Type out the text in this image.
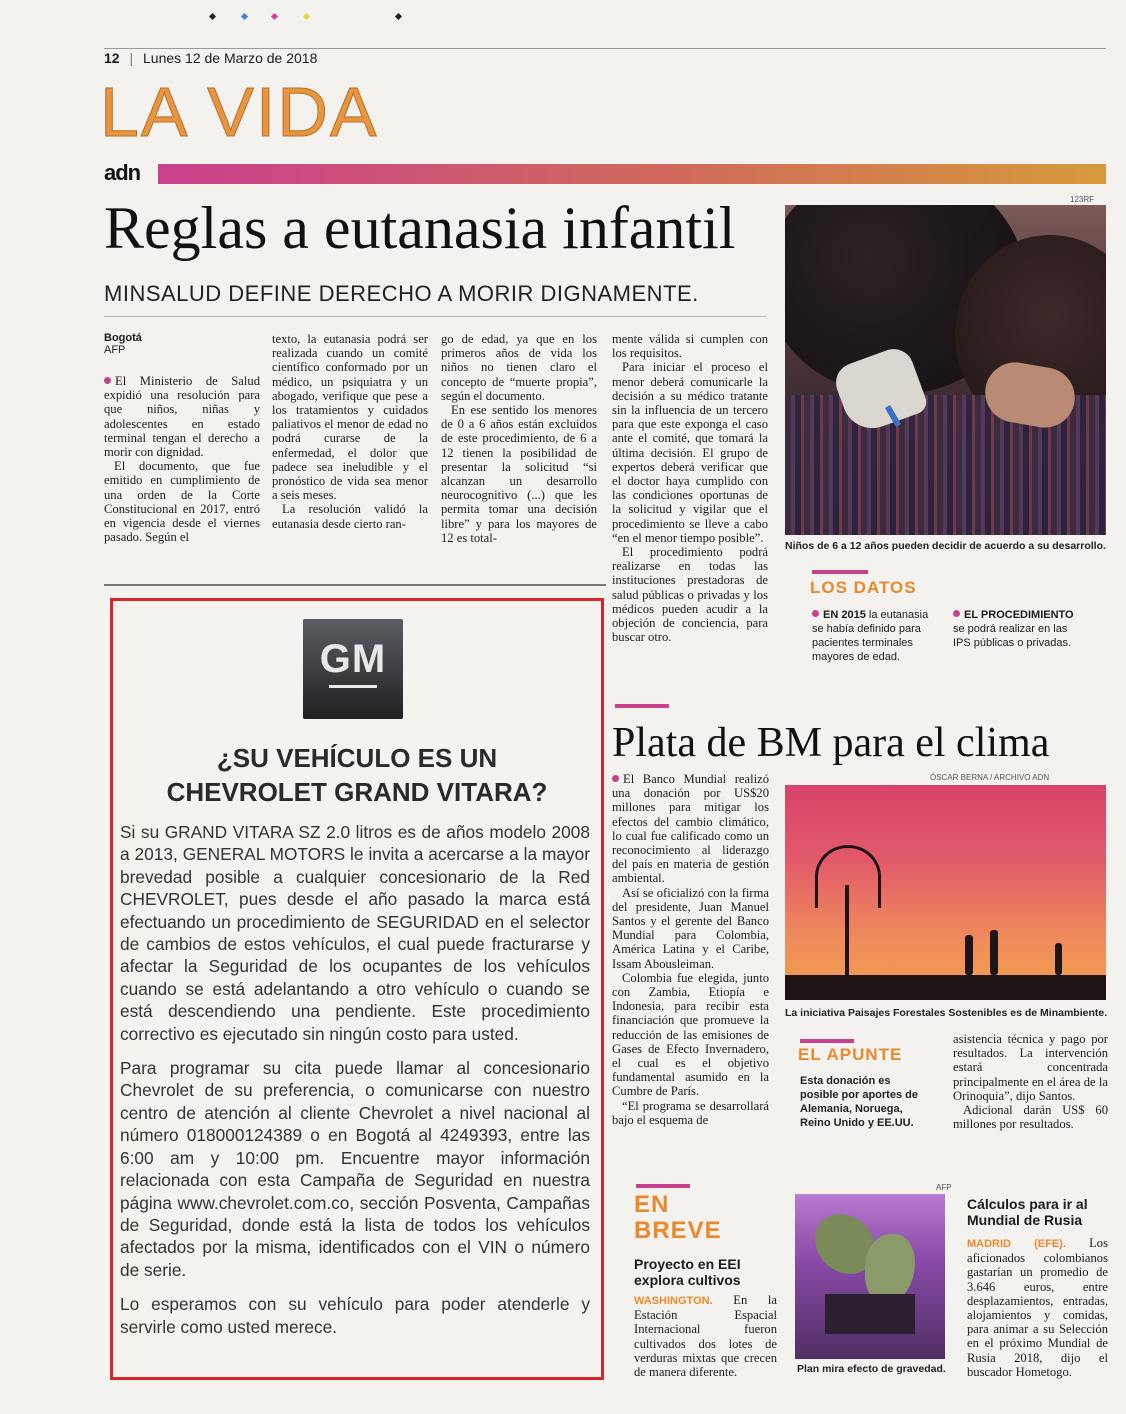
12 | Lunes 12 de Marzo de 2018
LA VIDA
adn
Reglas a eutanasia infantil
MINSALUD DEFINE DERECHO A MORIR DIGNAMENTE.
Bogotá
AFP

El Ministerio de Salud expidió una resolución para que niños, niñas y adolescentes en estado terminal tengan el derecho a morir con dignidad.

El documento, que fue emitido en cumplimiento de una orden de la Corte Constitucional en 2017, entró en vigencia desde el viernes pasado. Según el

texto, la eutanasia podrá ser realizada cuando un comité científico conformado por un médico, un psiquiatra y un abogado, verifique que pese a los tratamientos y cuidados paliativos el menor de edad no podrá curarse de la enfermedad, el dolor que padece sea ineludible y el pronóstico de vida sea menor a seis meses.

La resolución validó la eutanasia desde cierto ran-

go de edad, ya que en los primeros años de vida los niños no tienen claro el concepto de “muerte propia”, según el documento.

En ese sentido los menores de 0 a 6 años están excluidos de este procedimiento, de 6 a 12 tienen la posibilidad de presentar la solicitud “si alcanzan un desarrollo neurocognitivo (...) que les permita tomar una decisión libre” y para los mayores de 12 es total-

mente válida si cumplen con los requisitos.

Para iniciar el proceso el menor deberá comunicarle la decisión a su médico tratante sin la influencia de un tercero para que este exponga el caso ante el comité, que tomará la última decisión. El grupo de expertos deberá verificar que el doctor haya cumplido con las condiciones oportunas de la solicitud y vigilar que el procedimiento se lleve a cabo “en el menor tiempo posible”.

El procedimiento podrá realizarse en todas las instituciones prestadoras de salud públicas o privadas y los médicos pueden acudir a la objeción de conciencia, para buscar otro.

123RF
Niños de 6 a 12 años pueden decidir de acuerdo a su desarrollo.
LOS DATOS
EN 2015 la eutanasia se había definido para pacientes terminales mayores de edad.
EL PROCEDIMIENTO se podrá realizar en las IPS públicas o privadas.
GM
¿SU VEHÍCULO ES UN
CHEVROLET GRAND VITARA?

Si su GRAND VITARA SZ 2.0 litros es de años modelo 2008 a 2013, GENERAL MOTORS le invita a acercarse a la mayor brevedad posible a cualquier concesionario de la Red CHEVROLET, pues desde el año pasado la marca está efectuando un procedimiento de SEGURIDAD en el selector de cambios de estos vehículos, el cual puede fracturarse y afectar la Seguridad de los ocupantes de los vehículos cuando se está adelantando a otro vehículo o cuando se está descendiendo una pendiente. Este procedimiento correctivo es ejecutado sin ningún costo para usted.

Para programar su cita puede llamar al concesionario Chevrolet de su preferencia, o comunicarse con nuestro centro de atención al cliente Chevrolet a nivel nacional al número 018000124389 o en Bogotá al 4249393, entre las 6:00 am y 10:00 pm. Encuentre mayor información relacionada con esta Campaña de Seguridad en nuestra página www.chevrolet.com.co, sección Posventa, Campañas de Seguridad, donde está la lista de todos los vehículos afectados por la misma, identificados con el VIN o número de serie.

Lo esperamos con su vehículo para poder atenderle y servirle como usted merece.

Plata de BM para el clima

El Banco Mundial realizó una donación por US$20 millones para mitigar los efectos del cambio climático, lo cual fue calificado como un reconocimiento al liderazgo del país en materia de gestión ambiental.

Así se oficializó con la firma del presidente, Juan Manuel Santos y el gerente del Banco Mundial para Colombia, América Latina y el Caribe, Issam Abousleiman.

Colombia fue elegida, junto con Zambia, Etiopía e Indonesia, para recibir esta financiación que promueve la reducción de las emisiones de Gases de Efecto Invernadero, el cual es el objetivo fundamental asumido en la Cumbre de París.

“El programa se desarrollará bajo el esquema de

ÓSCAR BERNA / ARCHIVO ADN
La iniciativa Paisajes Forestales Sostenibles es de Minambiente.
EL APUNTE
Esta donación es posible por aportes de Alemania, Noruega, Reino Unido y EE.UU.

asistencia técnica y pago por resultados. La intervención estará concentrada principalmente en el área de la Orinoquia”, dijo Santos.

Adicional darán US$ 60 millones por resultados.

EN
BREVE
Proyecto en EEI explora cultivos

WASHINGTON. En la Estación Espacial Internacional fueron cultivados dos lotes de verduras mixtas que crecen de manera diferente.

AFP
Plan mira efecto de gravedad.
Cálculos para ir al Mundial de Rusia

MADRID (EFE). Los aficionados colombianos gastarían un promedio de 3.646 euros, entre desplazamientos, entradas, alojamientos y comidas, para animar a su Selección en el próximo Mundial de Rusia 2018, dijo el buscador Hometogo.
